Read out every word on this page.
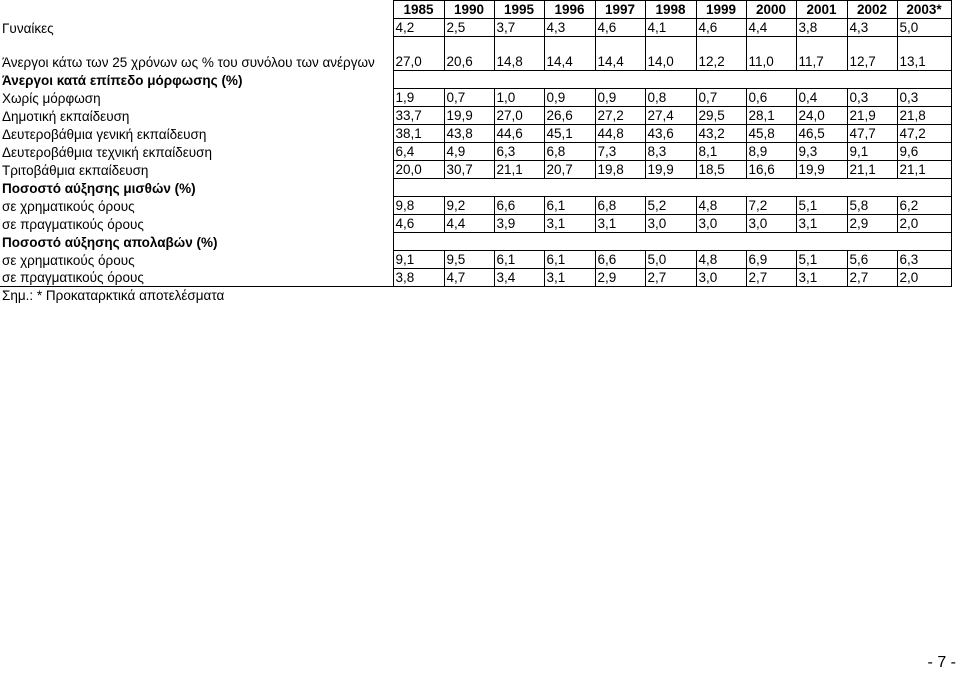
	1985	1990	1995	1996	1997	1998	1999	2000	2001	2002	2003*
Γυναίκες	4,2	2,5	3,7	4,3	4,6	4,1	4,6	4,4	3,8	4,3	5,0
Άνεργοι κάτω των 25 χρόνων ως % του συνόλου των ανέργων	27,0	20,6	14,8	14,4	14,4	14,0	12,2	11,0	11,7	12,7	13,1
Άνεργοι κατά επίπεδο μόρφωσης (%)											
Χωρίς μόρφωση	1,9	0,7	1,0	0,9	0,9	0,8	0,7	0,6	0,4	0,3	0,3
Δημοτική εκπαίδευση	33,7	19,9	27,0	26,6	27,2	27,4	29,5	28,1	24,0	21,9	21,8
Δευτεροβάθμια γενική εκπαίδευση	38,1	43,8	44,6	45,1	44,8	43,6	43,2	45,8	46,5	47,7	47,2
Δευτεροβάθμια τεχνική εκπαίδευση	6,4	4,9	6,3	6,8	7,3	8,3	8,1	8,9	9,3	9,1	9,6
Τριτοβάθμια εκπαίδευση	20,0	30,7	21,1	20,7	19,8	19,9	18,5	16,6	19,9	21,1	21,1
Ποσοστό αύξησης μισθών (%)											
σε χρηματικούς όρους	9,8	9,2	6,6	6,1	6,8	5,2	4,8	7,2	5,1	5,8	6,2
σε πραγματικούς όρους	4,6	4,4	3,9	3,1	3,1	3,0	3,0	3,0	3,1	2,9	2,0
Ποσοστό αύξησης απολαβών (%)											
σε χρηματικούς όρους	9,1	9,5	6,1	6,1	6,6	5,0	4,8	6,9	5,1	5,6	6,3
σε πραγματικούς όρους	3,8	4,7	3,4	3,1	2,9	2,7	3,0	2,7	3,1	2,7	2,0
Σημ.: * Προκαταρκτικά αποτελέσματα											
- 7 -
